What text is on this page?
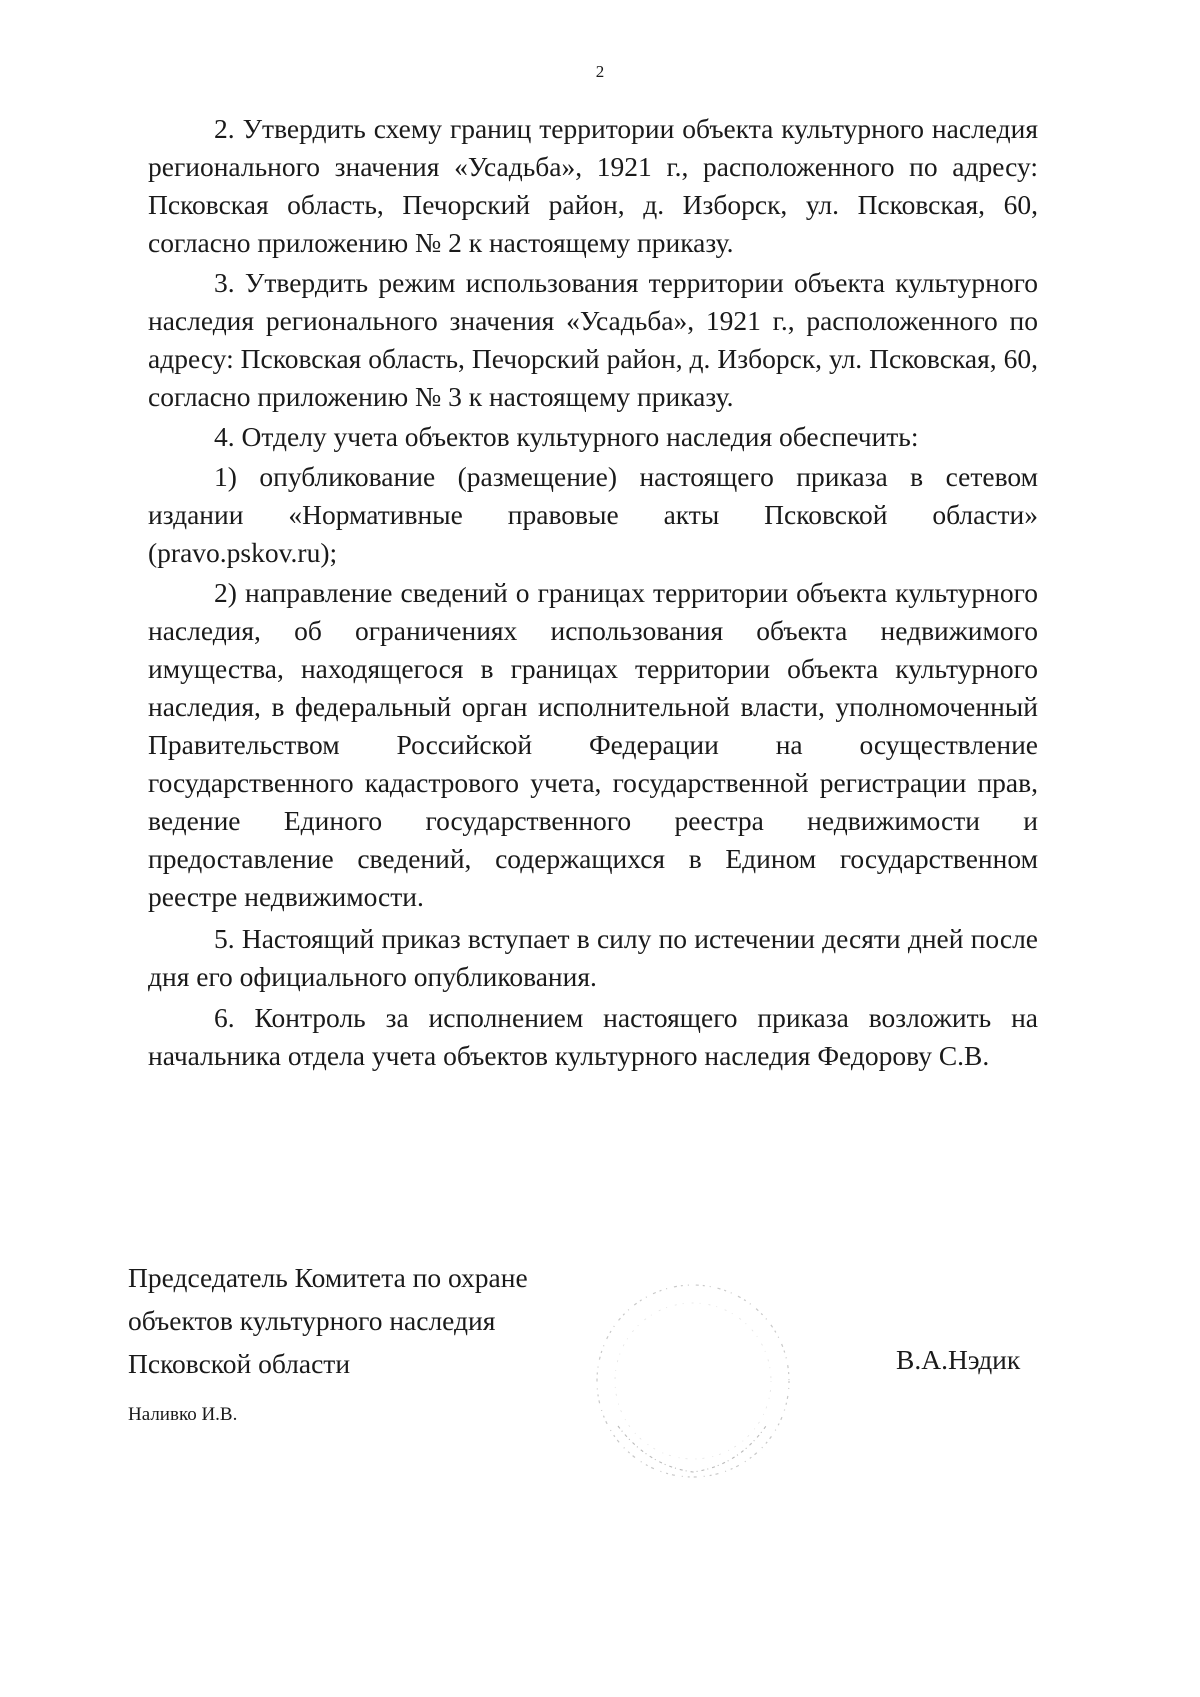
2

2. Утвердить схему границ территории объекта культурного наследия регионального значения «Усадьба», 1921 г., расположенного по адресу: Псковская область, Печорский район, д. Изборск, ул. Псковская, 60, согласно приложению № 2 к настоящему приказу.

3. Утвердить режим использования территории объекта культурного наследия регионального значения «Усадьба», 1921 г., расположенного по адресу: Псковская область, Печорский район, д. Изборск, ул. Псковская, 60, согласно приложению № 3 к настоящему приказу.

4. Отделу учета объектов культурного наследия обеспечить:

1) опубликование (размещение) настоящего приказа в сетевом издании «Нормативные правовые акты Псковской области» (pravo.pskov.ru);

2) направление сведений о границах территории объекта культурного наследия, об ограничениях использования объекта недвижимого имущества, находящегося в границах территории объекта культурного наследия, в федеральный орган исполнительной власти, уполномоченный Правительством Российской Федерации на осуществление государственного кадастрового учета, государственной регистрации прав, ведение Единого государственного реестра недвижимости и предоставление сведений, содержащихся в Едином государственном реестре недвижимости.

5. Настоящий приказ вступает в силу по истечении десяти дней после дня его официального опубликования.

6. Контроль за исполнением настоящего приказа возложить на начальника отдела учета объектов культурного наследия Федорову С.В.

Председатель Комитета по охране
объектов культурного наследия
Псковской области	В.А.Нэдик
Наливко И.В.
